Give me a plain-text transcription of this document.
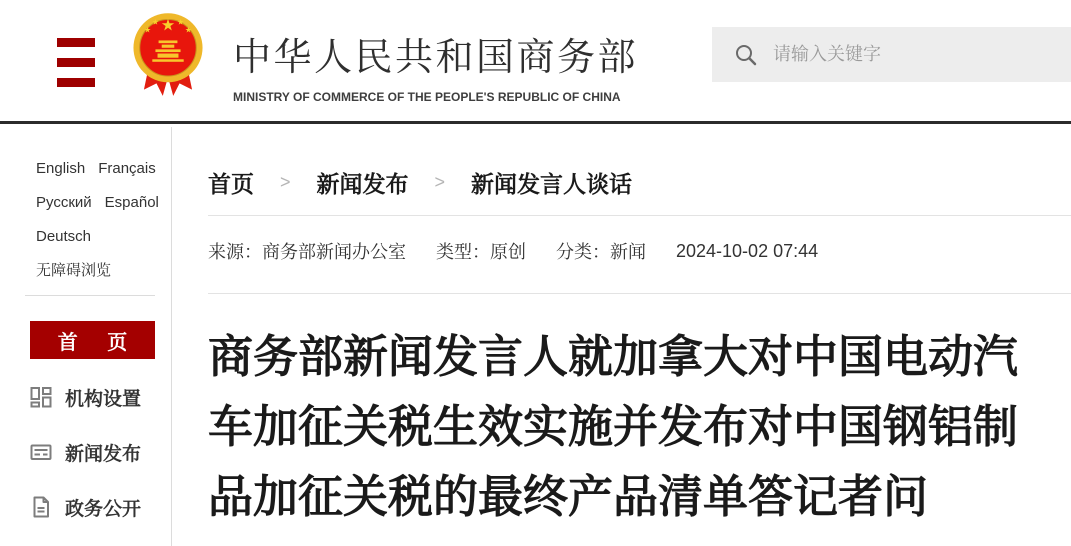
中华人民共和国商务部
MINISTRY OF COMMERCE OF THE PEOPLE'S REPUBLIC OF CHINA
请输入关键字
English Français
Русский Español
Deutsch
无障碍浏览
首 页
机构设置
新闻发布
政务公开
首页 > 新闻发布 > 新闻发言人谈话
来源：商务部新闻办公室 类型：原创 分类：新闻 2024-10-02 07:44
商务部新闻发言人就加拿大对中国电动汽
车加征关税生效实施并发布对中国钢铝制
品加征关税的最终产品清单答记者问
